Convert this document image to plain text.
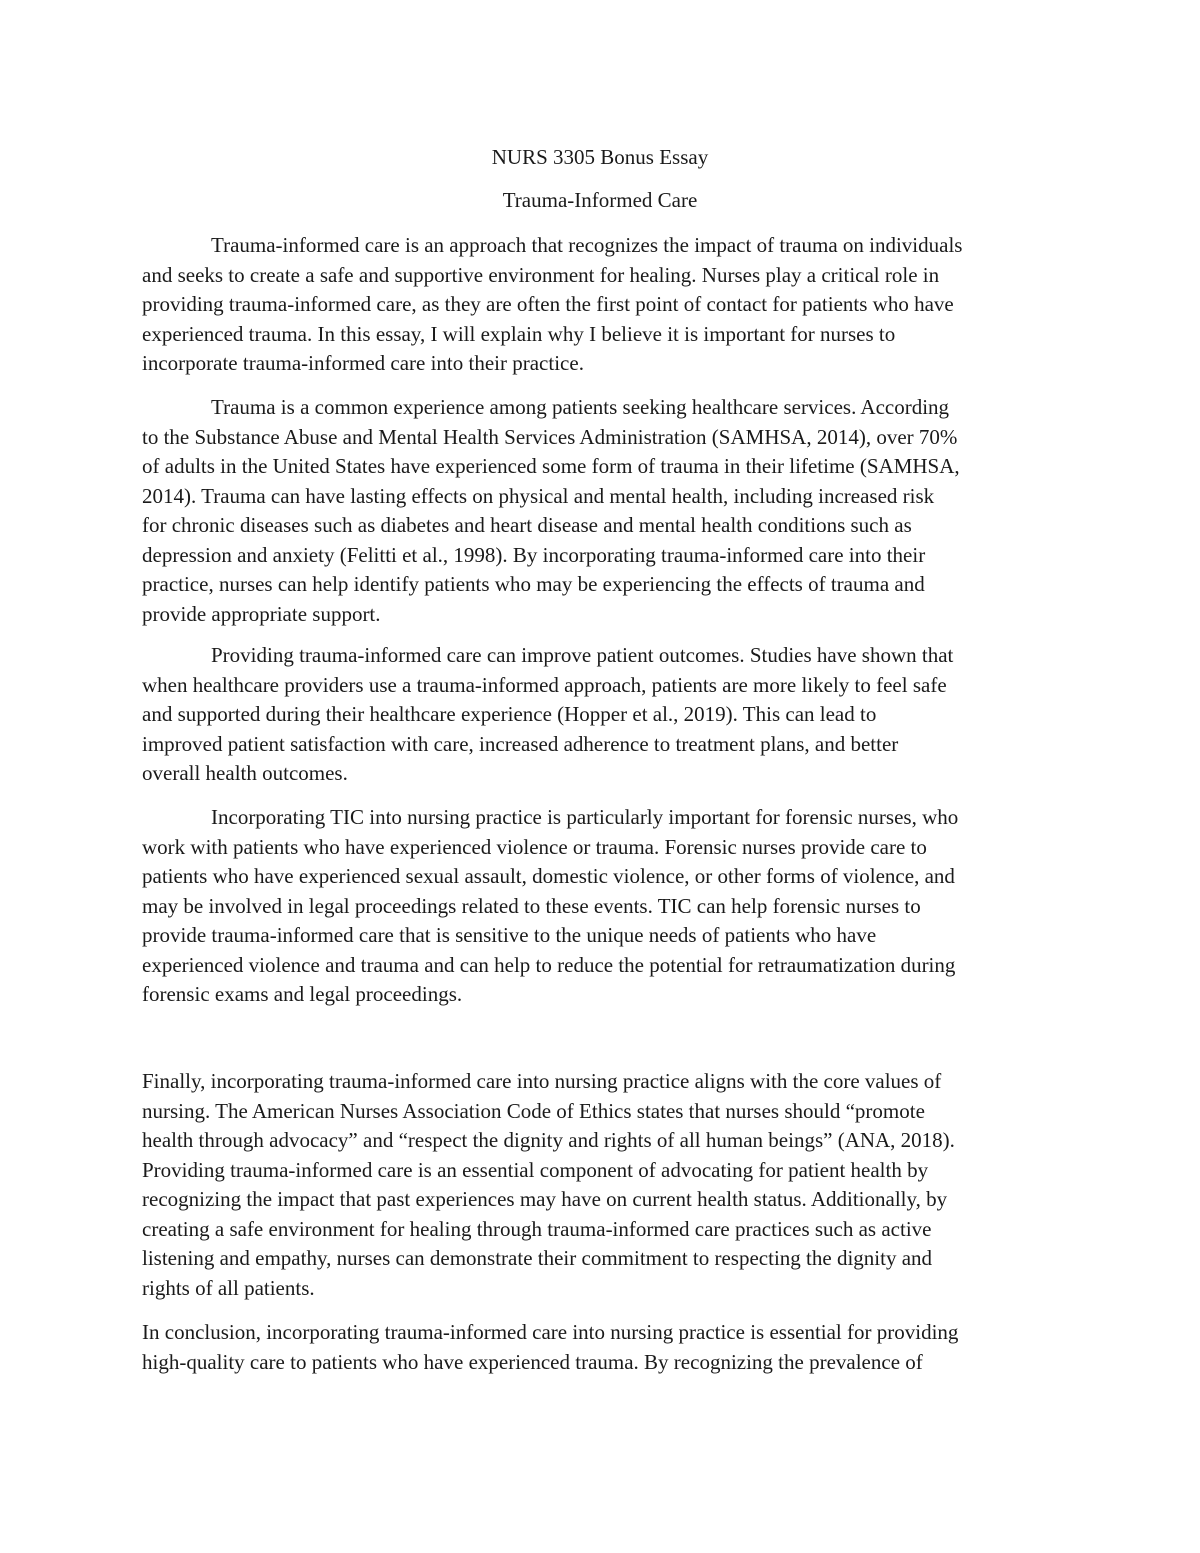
NURS 3305 Bonus Essay
Trauma-Informed Care

Trauma-informed care is an approach that recognizes the impact of trauma on individuals
and seeks to create a safe and supportive environment for healing. Nurses play a critical role in
providing trauma-informed care, as they are often the first point of contact for patients who have
experienced trauma. In this essay, I will explain why I believe it is important for nurses to
incorporate trauma-informed care into their practice.

Trauma is a common experience among patients seeking healthcare services. According
to the Substance Abuse and Mental Health Services Administration (SAMHSA, 2014), over 70%
of adults in the United States have experienced some form of trauma in their lifetime (SAMHSA,
2014). Trauma can have lasting effects on physical and mental health, including increased risk
for chronic diseases such as diabetes and heart disease and mental health conditions such as
depression and anxiety (Felitti et al., 1998). By incorporating trauma-informed care into their
practice, nurses can help identify patients who may be experiencing the effects of trauma and
provide appropriate support.

Providing trauma-informed care can improve patient outcomes. Studies have shown that
when healthcare providers use a trauma-informed approach, patients are more likely to feel safe
and supported during their healthcare experience (Hopper et al., 2019). This can lead to
improved patient satisfaction with care, increased adherence to treatment plans, and better
overall health outcomes.

Incorporating TIC into nursing practice is particularly important for forensic nurses, who
work with patients who have experienced violence or trauma. Forensic nurses provide care to
patients who have experienced sexual assault, domestic violence, or other forms of violence, and
may be involved in legal proceedings related to these events. TIC can help forensic nurses to
provide trauma-informed care that is sensitive to the unique needs of patients who have
experienced violence and trauma and can help to reduce the potential for retraumatization during
forensic exams and legal proceedings.

Finally, incorporating trauma-informed care into nursing practice aligns with the core values of
nursing. The American Nurses Association Code of Ethics states that nurses should “promote
health through advocacy” and “respect the dignity and rights of all human beings” (ANA, 2018).
Providing trauma-informed care is an essential component of advocating for patient health by
recognizing the impact that past experiences may have on current health status. Additionally, by
creating a safe environment for healing through trauma-informed care practices such as active
listening and empathy, nurses can demonstrate their commitment to respecting the dignity and
rights of all patients.

In conclusion, incorporating trauma-informed care into nursing practice is essential for providing
high-quality care to patients who have experienced trauma. By recognizing the prevalence of
